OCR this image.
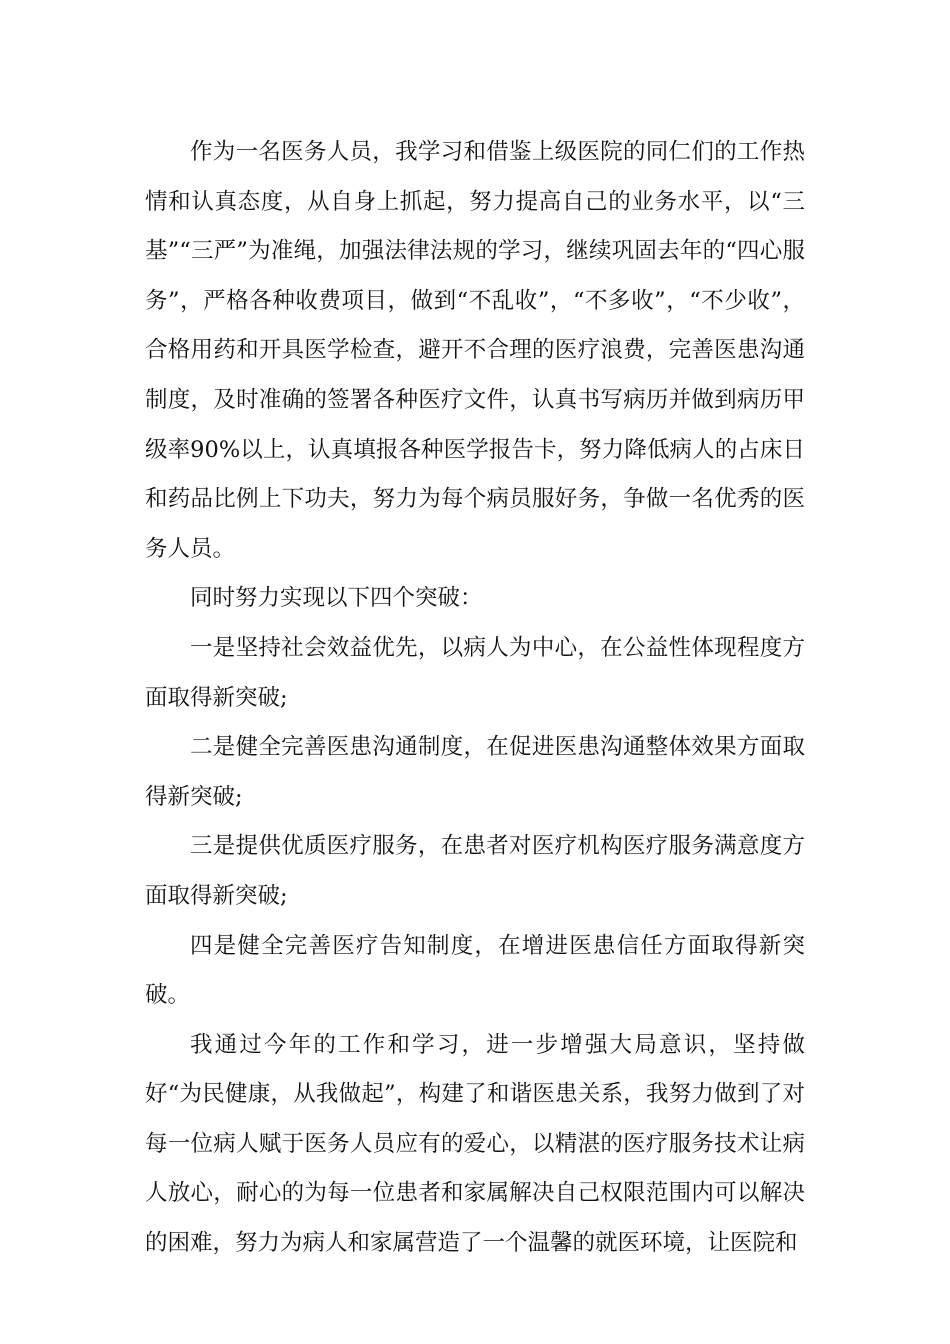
作为一名医务人员，我学习和借鉴上级医院的同仁们的工作热情和认真态度，从自身上抓起，努力提高自己的业务水平，以“三基”“三严”为准绳，加强法律法规的学习，继续巩固去年的“四心服务”，严格各种收费项目，做到“不乱收”，“不多收”，“不少收”，合格用药和开具医学检查，避开不合理的医疗浪费，完善医患沟通制度，及时准确的签署各种医疗文件，认真书写病历并做到病历甲级率90%以上，认真填报各种医学报告卡，努力降低病人的占床日和药品比例上下功夫，努力为每个病员服好务，争做一名优秀的医务人员。

同时努力实现以下四个突破：

一是坚持社会效益优先，以病人为中心，在公益性体现程度方面取得新突破;

二是健全完善医患沟通制度，在促进医患沟通整体效果方面取得新突破;

三是提供优质医疗服务，在患者对医疗机构医疗服务满意度方面取得新突破;

四是健全完善医疗告知制度，在增进医患信任方面取得新突破。

我通过今年的工作和学习，进一步增强大局意识，坚持做好“为民健康，从我做起”，构建了和谐医患关系，我努力做到了对每一位病人赋于医务人员应有的爱心，以精湛的医疗服务技术让病人放心，耐心的为每一位患者和家属解决自己权限范围内可以解决的困难，努力为病人和家属营造了一个温馨的就医环境，让医院和
